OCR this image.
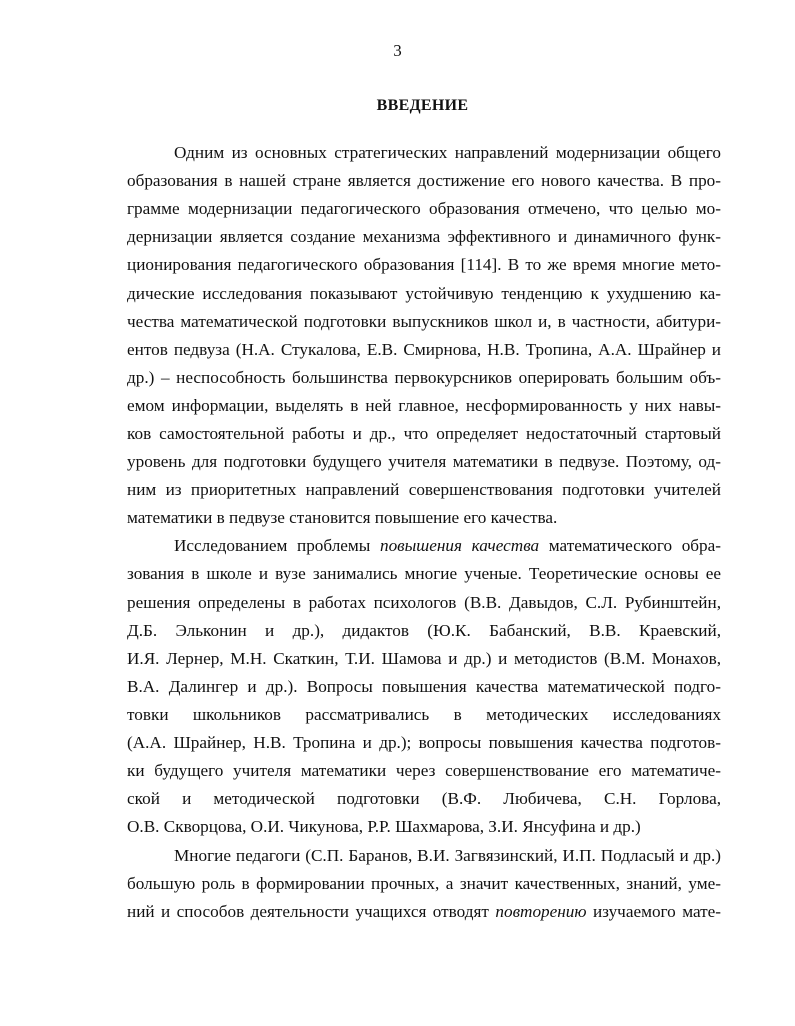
3
ВВЕДЕНИЕ
Одним из основных стратегических направлений модернизации общего
образования в нашей стране является достижение его нового качества. В про-
грамме модернизации педагогического образования отмечено, что целью мо-
дернизации является создание механизма эффективного и динамичного функ-
ционирования педагогического образования [114]. В то же время многие мето-
дические исследования показывают устойчивую тенденцию к ухудшению ка-
чества математической подготовки выпускников школ и, в частности, абитури-
ентов педвуза (Н.А. Стукалова, Е.В. Смирнова, Н.В. Тропина, А.А. Шрайнер и
др.) – неспособность большинства первокурсников оперировать большим объ-
емом информации, выделять в ней главное, несформированность у них навы-
ков самостоятельной работы и др., что определяет недостаточный стартовый
уровень для подготовки будущего учителя математики в педвузе. Поэтому, од-
ним из приоритетных направлений совершенствования подготовки учителей
математики в педвузе становится повышение его качества.
Исследованием проблемы повышения качества математического обра-
зования в школе и вузе занимались многие ученые. Теоретические основы ее
решения определены в работах психологов (В.В. Давыдов, С.Л. Рубинштейн,
Д.Б. Эльконин и др.), дидактов (Ю.К. Бабанский, В.В. Краевский,
И.Я. Лернер, М.Н. Скаткин, Т.И. Шамова и др.) и методистов (В.М. Монахов,
В.А. Далингер и др.). Вопросы повышения качества математической подго-
товки школьников рассматривались в методических исследованиях
(А.А. Шрайнер, Н.В. Тропина и др.); вопросы повышения качества подготов-
ки будущего учителя математики через совершенствование его математиче-
ской и методической подготовки (В.Ф. Любичева, С.Н. Горлова,
О.В. Скворцова, О.И. Чикунова, Р.Р. Шахмарова, З.И. Янсуфина и др.)
Многие педагоги (С.П. Баранов, В.И. Загвязинский, И.П. Подласый и др.)
большую роль в формировании прочных, а значит качественных, знаний, уме-
ний и способов деятельности учащихся отводят повторению изучаемого мате-
